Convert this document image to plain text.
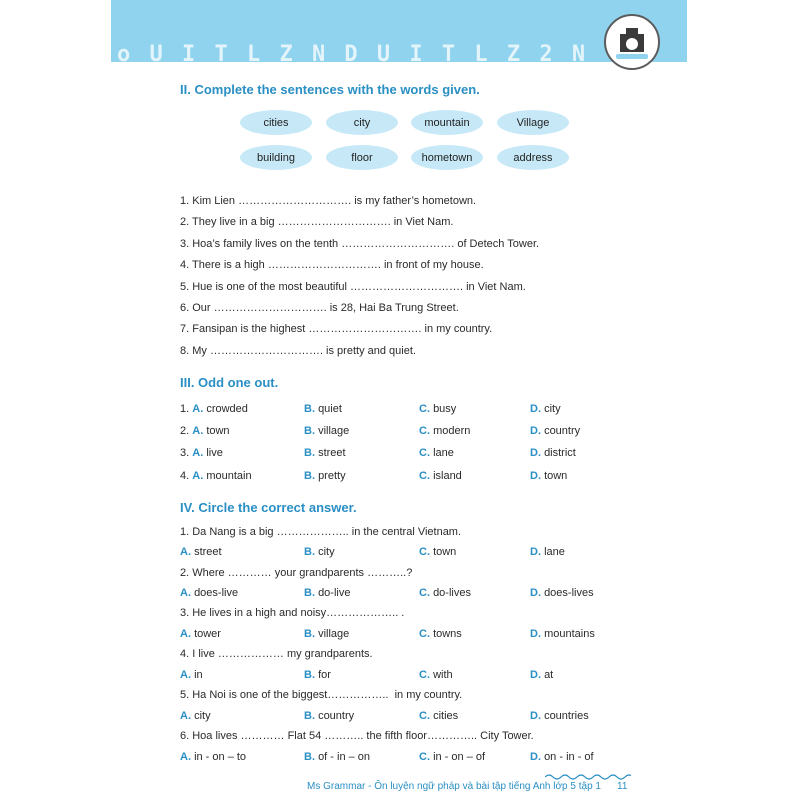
o U I T L Z N D U I T L Z 2 N

II. Complete the sentences with the words given.
cities	city	mountain	Village
building	floor	hometown	address
1. Kim Lien …………………………. is my father’s hometown.
2. They live in a big …………………………. in Viet Nam.
3. Hoa’s family lives on the tenth …………………………. of Detech Tower.
4. There is a high …………………………. in front of my house.
5. Hue is one of the most beautiful …………………………. in Viet Nam.
6. Our …………………………. is 28, Hai Ba Trung Street.
7. Fansipan is the highest …………………………. in my country.
8. My …………………………. is pretty and quiet.
III. Odd one out.
1. A. crowded	B. quiet	C. busy	D. city
2. A. town	B. village	C. modern	D. country
3. A. live	B. street	C. lane	D. district
4. A. mountain	B. pretty	C. island	D. town
IV. Circle the correct answer.
1. Da Nang is a big ……………….. in the central Vietnam.
A. street	B. city	C. town	D. lane
2. Where ………… your grandparents ………..?
A. does-live	B. do-live	C. do-lives	D. does-lives
3. He lives in a high and noisy……………….. .
A. tower	B. village	C. towns	D. mountains
4. I live ……………… my grandparents.
A. in	B. for	C. with	D. at
5. Ha Noi is one of the biggest……………..  in my country.
A. city	B. country	C. cities	D. countries
6. Hoa lives ………… Flat 54 ……….. the fifth floor………….. City Tower.
A. in - on – to	B. of - in – on	C. in - on – of	D. on - in - of
Ms Grammar - Ôn luyện ngữ pháp và bài tập tiếng Anh lớp 5 tập 1 11
